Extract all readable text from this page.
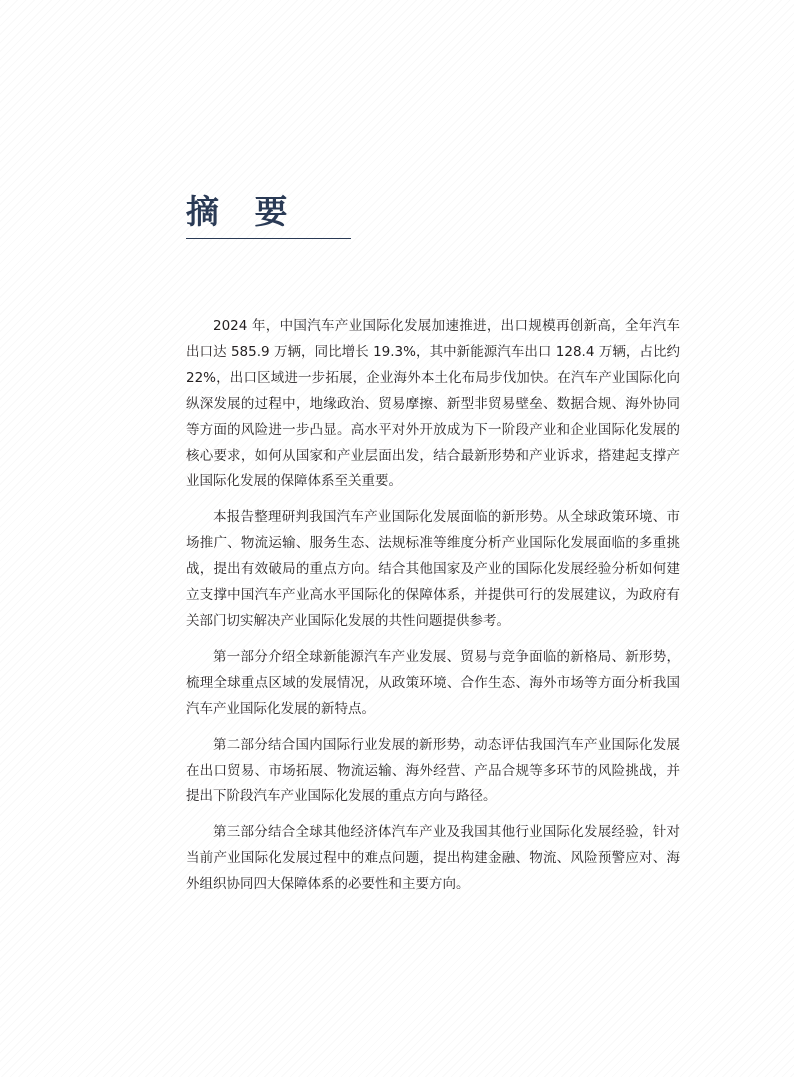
摘 要

2024 年，中国汽车产业国际化发展加速推进，出口规模再创新高，全年汽车出口达 585.9 万辆，同比增长 19.3%，其中新能源汽车出口 128.4 万辆，占比约 22%，出口区域进一步拓展，企业海外本土化布局步伐加快。在汽车产业国际化向纵深发展的过程中，地缘政治、贸易摩擦、新型非贸易壁垒、数据合规、海外协同等方面的风险进一步凸显。高水平对外开放成为下一阶段产业和企业国际化发展的核心要求，如何从国家和产业层面出发，结合最新形势和产业诉求，搭建起支撑产业国际化发展的保障体系至关重要。

本报告整理研判我国汽车产业国际化发展面临的新形势。从全球政策环境、市场推广、物流运输、服务生态、法规标准等维度分析产业国际化发展面临的多重挑战，提出有效破局的重点方向。结合其他国家及产业的国际化发展经验分析如何建立支撑中国汽车产业高水平国际化的保障体系，并提供可行的发展建议，为政府有关部门切实解决产业国际化发展的共性问题提供参考。

第一部分介绍全球新能源汽车产业发展、贸易与竞争面临的新格局、新形势，梳理全球重点区域的发展情况，从政策环境、合作生态、海外市场等方面分析我国汽车产业国际化发展的新特点。

第二部分结合国内国际行业发展的新形势，动态评估我国汽车产业国际化发展在出口贸易、市场拓展、物流运输、海外经营、产品合规等多环节的风险挑战，并提出下阶段汽车产业国际化发展的重点方向与路径。

第三部分结合全球其他经济体汽车产业及我国其他行业国际化发展经验，针对当前产业国际化发展过程中的难点问题，提出构建金融、物流、风险预警应对、海外组织协同四大保障体系的必要性和主要方向。
